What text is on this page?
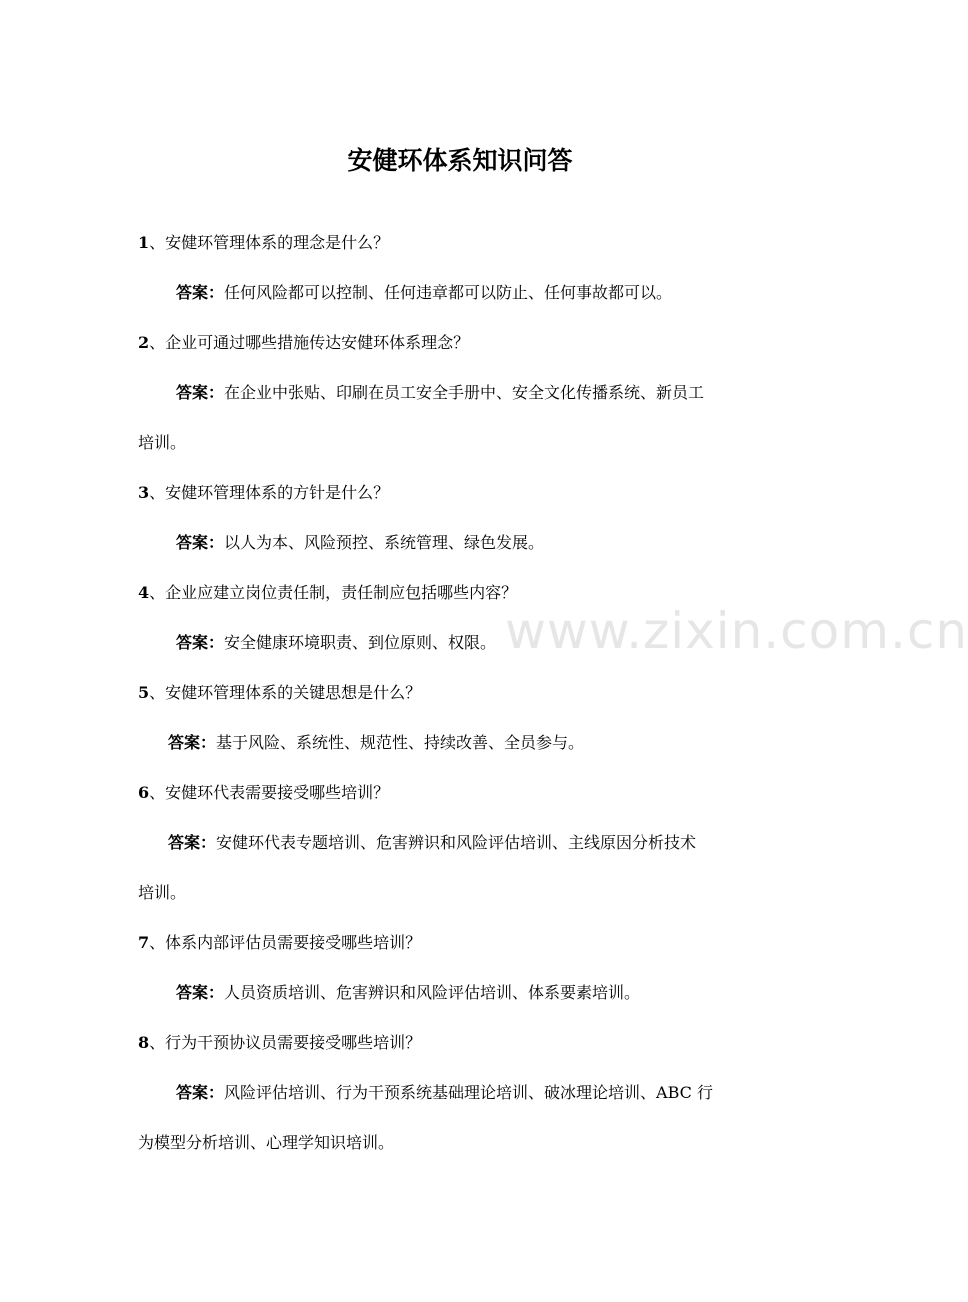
www.zixin.com.cn
安健环体系知识问答
1、安健环管理体系的理念是什么？
答案：任何风险都可以控制、任何违章都可以防止、任何事故都可以。
2、企业可通过哪些措施传达安健环体系理念？
答案：在企业中张贴、印刷在员工安全手册中、安全文化传播系统、新员工
培训。
3、安健环管理体系的方针是什么？
答案：以人为本、风险预控、系统管理、绿色发展。
4、企业应建立岗位责任制，责任制应包括哪些内容？
答案：安全健康环境职责、到位原则、权限。
5、安健环管理体系的关键思想是什么？
答案：基于风险、系统性、规范性、持续改善、全员参与。
6、安健环代表需要接受哪些培训？
答案：安健环代表专题培训、危害辨识和风险评估培训、主线原因分析技术
培训。
7、体系内部评估员需要接受哪些培训？
答案：人员资质培训、危害辨识和风险评估培训、体系要素培训。
8、行为干预协议员需要接受哪些培训？
答案：风险评估培训、行为干预系统基础理论培训、破冰理论培训、ABC 行
为模型分析培训、心理学知识培训。
